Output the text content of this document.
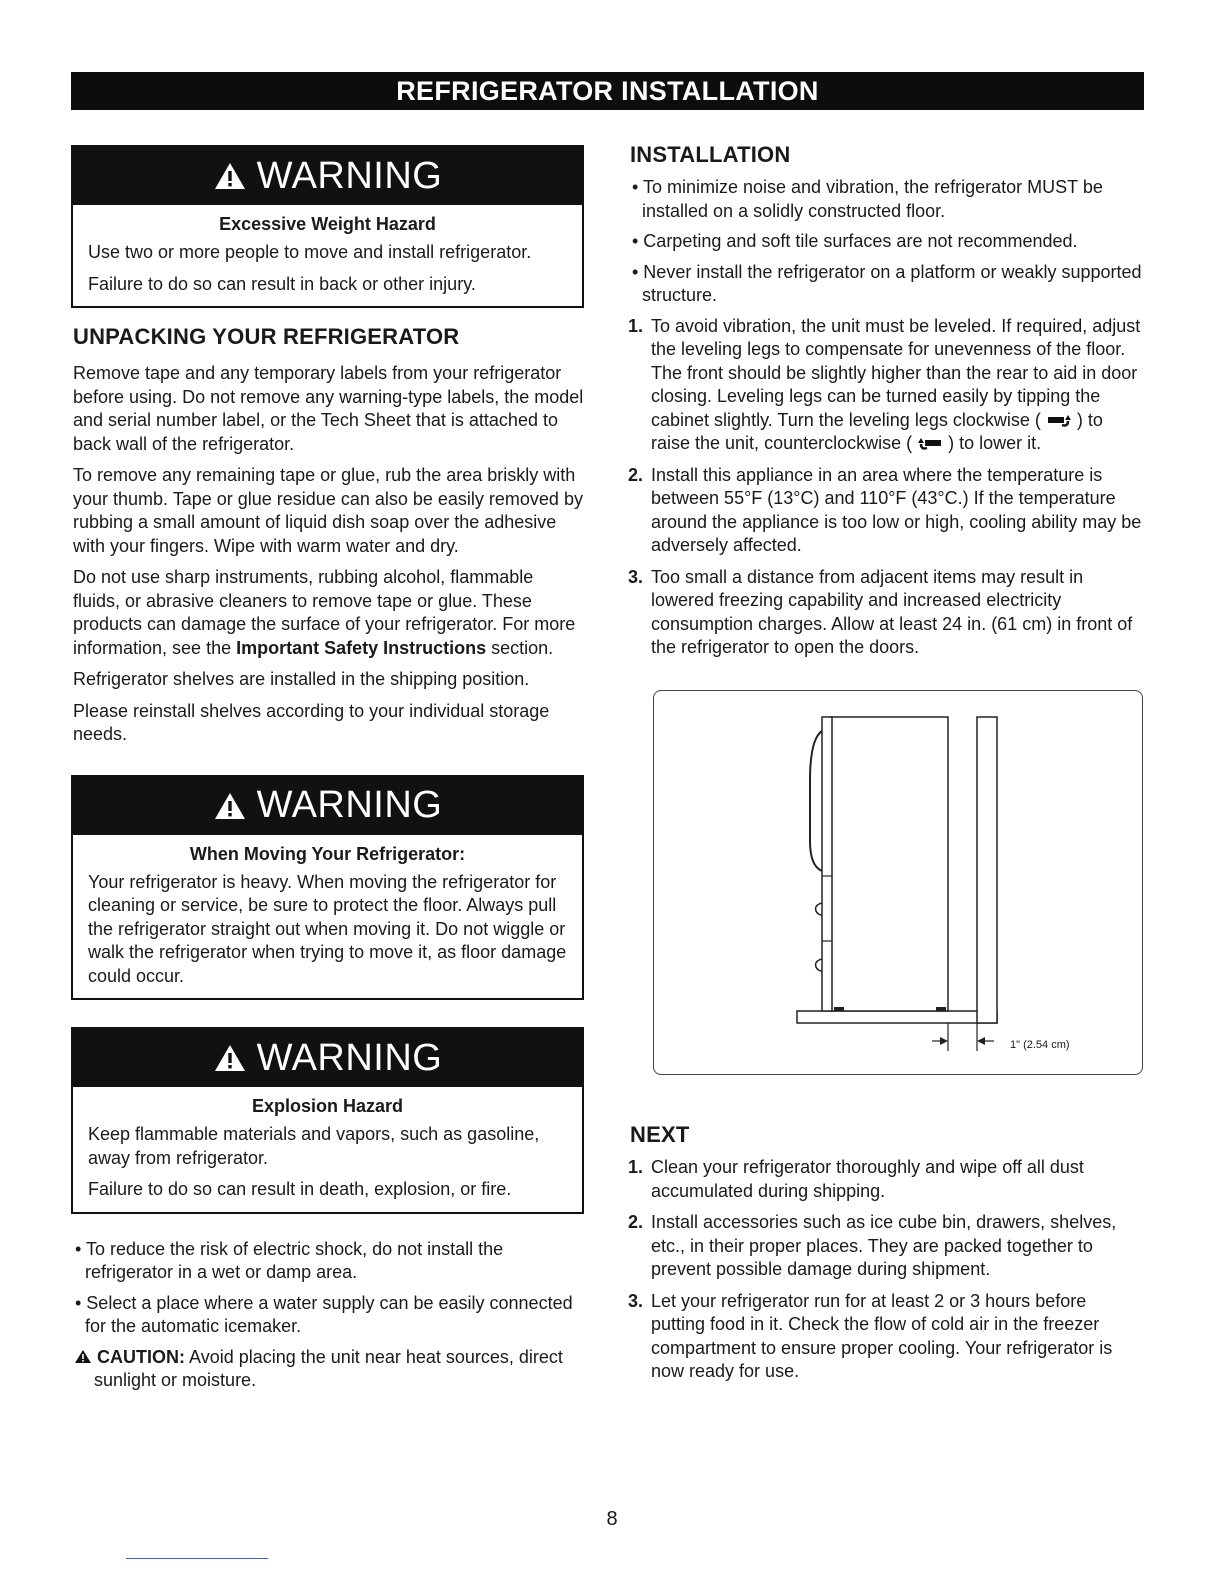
REFRIGERATOR INSTALLATION
WARNING
Excessive Weight Hazard

Use two or more people to move and install refrigerator.

Failure to do so can result in back or other injury.

UNPACKING YOUR REFRIGERATOR

Remove tape and any temporary labels from your refrigerator before using. Do not remove any warning-type labels, the model and serial number label, or the Tech Sheet that is attached to back wall of the refrigerator.

To remove any remaining tape or glue, rub the area briskly with your thumb. Tape or glue residue can also be easily removed by rubbing a small amount of liquid dish soap over the adhesive with your fingers. Wipe with warm water and dry.

Do not use sharp instruments, rubbing alcohol, flammable fluids, or abrasive cleaners to remove tape or glue. These products can damage the surface of your refrigerator. For more information, see the Important Safety Instructions section.

Refrigerator shelves are installed in the shipping position.

Please reinstall shelves according to your individual storage needs.

WARNING
When Moving Your Refrigerator:

Your refrigerator is heavy. When moving the refrigerator for cleaning or service, be sure to protect the floor. Always pull the refrigerator straight out when moving it. Do not wiggle or walk the refrigerator when trying to move it, as floor damage could occur.

WARNING
Explosion Hazard

Keep flammable materials and vapors, such as gasoline, away from refrigerator.

Failure to do so can result in death, explosion, or fire.

• To reduce the risk of electric shock, do not install the refrigerator in a wet or damp area.
• Select a place where a water supply can be easily connected for the automatic icemaker.

CAUTION: Avoid placing the unit near heat sources, direct sunlight or moisture.

INSTALLATION
• To minimize noise and vibration, the refrigerator MUST be installed on a solidly constructed floor.
• Carpeting and soft tile surfaces are not recommended.
• Never install the refrigerator on a platform or weakly supported structure.
1. To avoid vibration, the unit must be leveled. If required, adjust the leveling legs to compensate for unevenness of the floor. The front should be slightly higher than the rear to aid in door closing. Leveling legs can be turned easily by tipping the cabinet slightly. Turn the leveling legs clockwise ( ) to raise the unit, counterclockwise ( ) to lower it.
2. Install this appliance in an area where the temperature is between 55°F (13°C) and 110°F (43°C.) If the temperature around the appliance is too low or high, cooling ability may be adversely affected.
3. Too small a distance from adjacent items may result in lowered freezing capability and increased electricity consumption charges. Allow at least 24 in. (61 cm) in front of the refrigerator to open the doors.
1" (2.54 cm)
NEXT
1. Clean your refrigerator thoroughly and wipe off all dust accumulated during shipping.
2. Install accessories such as ice cube bin, drawers, shelves, etc., in their proper places. They are packed together to prevent possible damage during shipment.
3. Let your refrigerator run for at least 2 or 3 hours before putting food in it. Check the flow of cold air in the freezer compartment to ensure proper cooling. Your refrigerator is now ready for use.
8
